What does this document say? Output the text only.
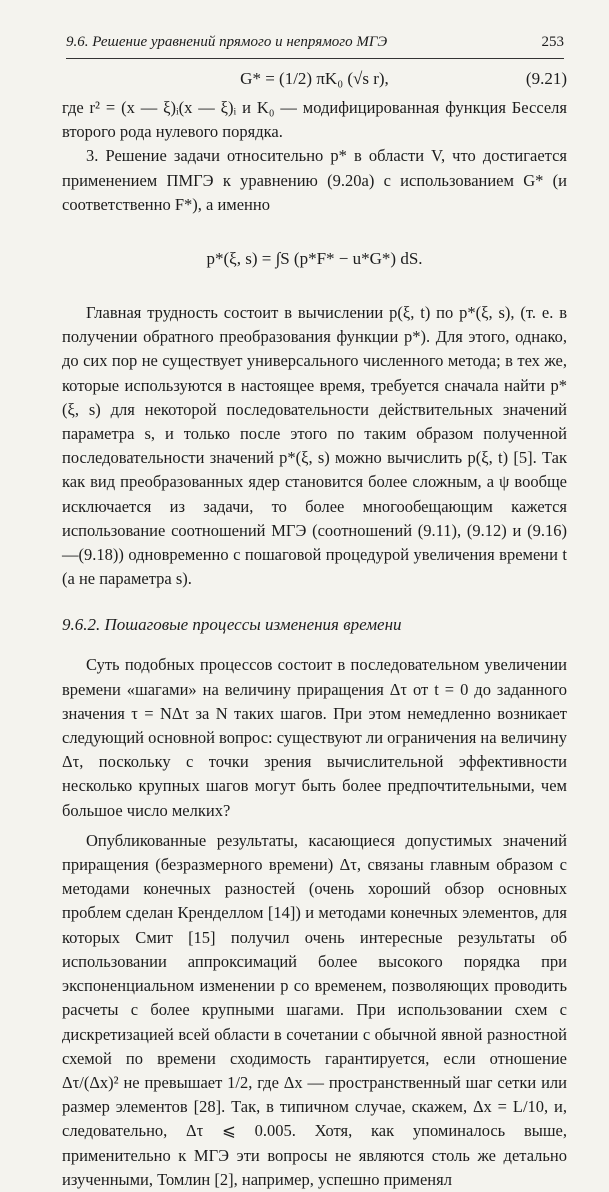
9.6. Решение уравнений прямого и непрямого МГЭ	253
G* = (1/2) πK₀ (√s r),	(9.21)

где r² = (x — ξ)ᵢ(x — ξ)ᵢ и K₀ — модифицированная функция Бесселя второго рода нулевого порядка.

3. Решение задачи относительно p* в области V, что достигается применением ПМГЭ к уравнению (9.20a) с использованием G* (и соответственно F*), а именно

p*(ξ, s) = ∫S (p*F* − u*G*) dS.

Главная трудность состоит в вычислении p(ξ, t) по p*(ξ, s), (т. е. в получении обратного преобразования функции p*). Для этого, однако, до сих пор не существует универсального численного метода; в тех же, которые используются в настоящее время, требуется сначала найти p*(ξ, s) для некоторой последовательности действительных значений параметра s, и только после этого по таким образом полученной последовательности значений p*(ξ, s) можно вычислить p(ξ, t) [5]. Так как вид преобразованных ядер становится более сложным, а ψ вообще исключается из задачи, то более многообещающим кажется использование соотношений МГЭ (соотношений (9.11), (9.12) и (9.16)—(9.18)) одновременно с пошаговой процедурой увеличения времени t (а не параметра s).

9.6.2. Пошаговые процессы изменения времени

Суть подобных процессов состоит в последовательном увеличении времени «шагами» на величину приращения Δτ от t = 0 до заданного значения τ = NΔτ за N таких шагов. При этом немедленно возникает следующий основной вопрос: существуют ли ограничения на величину Δτ, поскольку с точки зрения вычислительной эффективности несколько крупных шагов могут быть более предпочтительными, чем большое число мелких?

Опубликованные результаты, касающиеся допустимых значений приращения (безразмерного времени) Δτ, связаны главным образом с методами конечных разностей (очень хороший обзор основных проблем сделан Кренделлом [14]) и методами конечных элементов, для которых Смит [15] получил очень интересные результаты об использовании аппроксимаций более высокого порядка при экспоненциальном изменении p со временем, позволяющих проводить расчеты с более крупными шагами. При использовании схем с дискретизацией всей области в сочетании с обычной явной разностной схемой по времени сходимость гарантируется, если отношение Δτ/(Δx)² не превышает 1/2, где Δx — пространственный шаг сетки или размер элементов [28]. Так, в типичном случае, скажем, Δx = L/10, и, следовательно, Δτ ⩽ 0.005. Хотя, как упоминалось выше, применительно к МГЭ эти вопросы не являются столь же детально изученными, Томлин [2], например, успешно применял
